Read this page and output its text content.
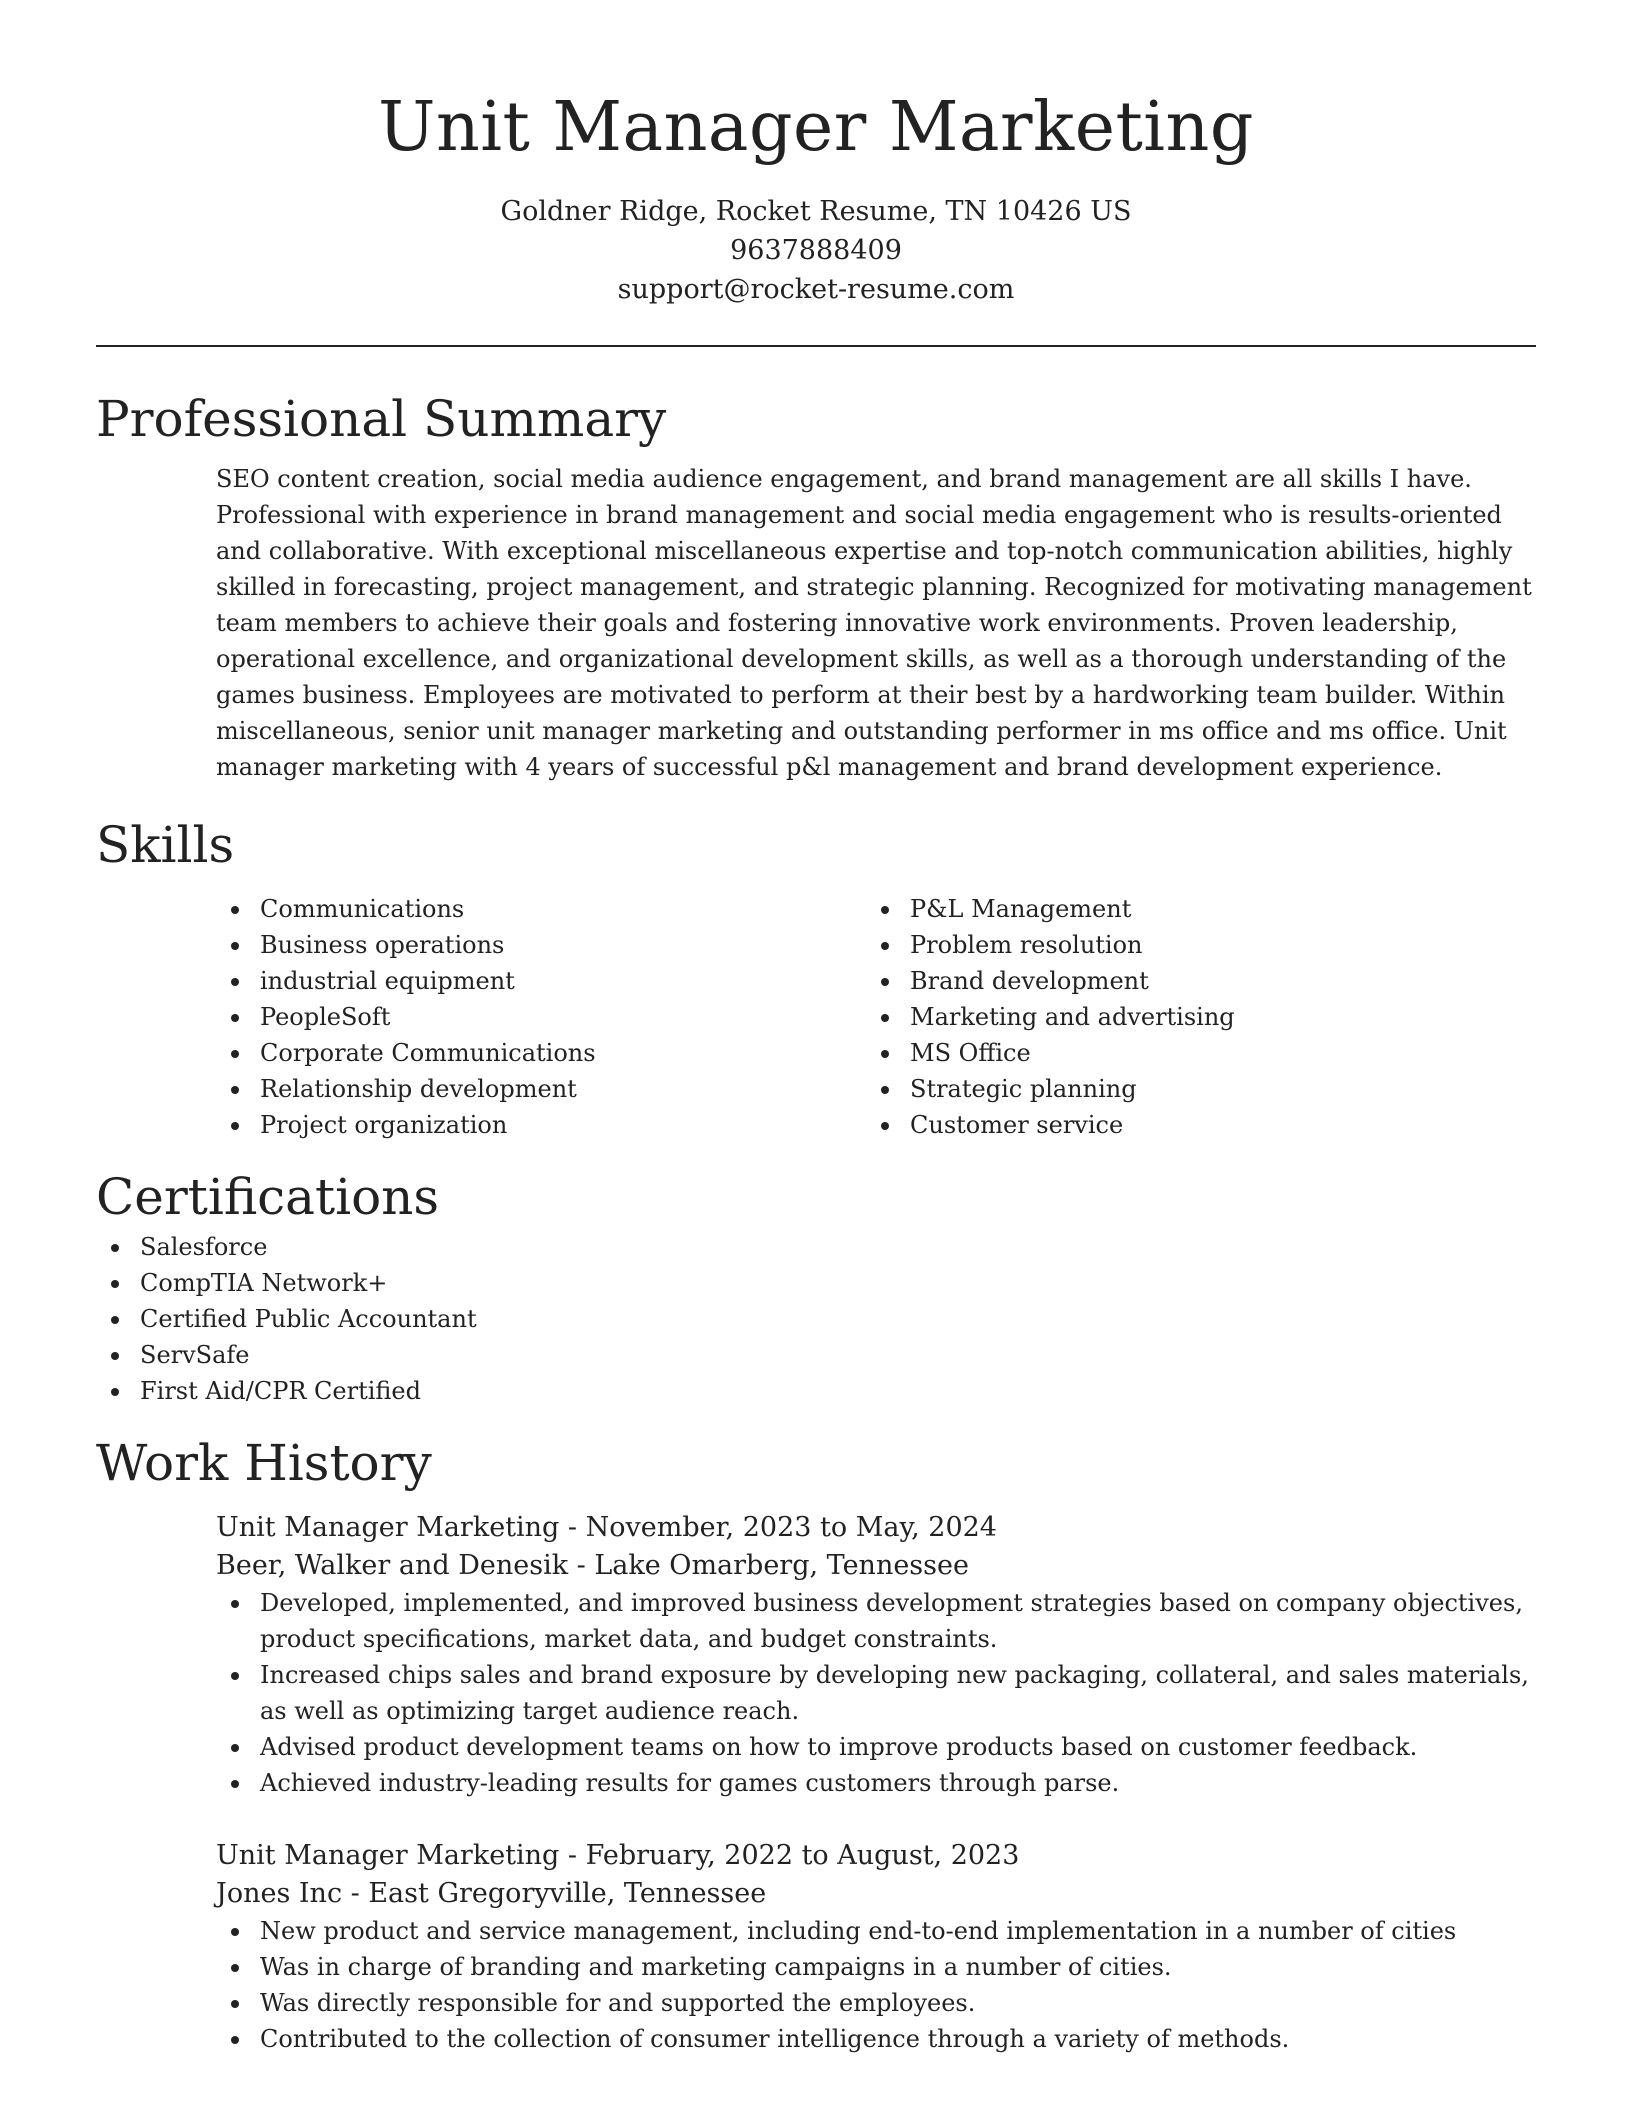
Unit Manager Marketing
Goldner Ridge, Rocket Resume, TN 10426 US
9637888409
support@rocket-resume.com
Professional Summary

SEO content creation, social media audience engagement, and brand management are all skills I have. Professional with experience in brand management and social media engagement who is results-oriented and collaborative. With exceptional miscellaneous expertise and top-notch communication abilities, highly skilled in forecasting, project management, and strategic planning. Recognized for motivating management team members to achieve their goals and fostering innovative work environments. Proven leadership, operational excellence, and organizational development skills, as well as a thorough understanding of the games business. Employees are motivated to perform at their best by a hardworking team builder. Within miscellaneous, senior unit manager marketing and outstanding performer in ms office and ms office. Unit manager marketing with 4 years of successful p&l management and brand development experience.

Skills
Communications
Business operations
industrial equipment
PeopleSoft
Corporate Communications
Relationship development
Project organization
P&L Management
Problem resolution
Brand development
Marketing and advertising
MS Office
Strategic planning
Customer service
Certifications
Salesforce
CompTIA Network+
Certified Public Accountant
ServSafe
First Aid/CPR Certified
Work History
Unit Manager Marketing - November, 2023 to May, 2024
Beer, Walker and Denesik - Lake Omarberg, Tennessee
Developed, implemented, and improved business development strategies based on company objectives, product specifications, market data, and budget constraints.
Increased chips sales and brand exposure by developing new packaging, collateral, and sales materials, as well as optimizing target audience reach.
Advised product development teams on how to improve products based on customer feedback.
Achieved industry-leading results for games customers through parse.
Unit Manager Marketing - February, 2022 to August, 2023
Jones Inc - East Gregoryville, Tennessee
New product and service management, including end-to-end implementation in a number of cities
Was in charge of branding and marketing campaigns in a number of cities.
Was directly responsible for and supported the employees.
Contributed to the collection of consumer intelligence through a variety of methods.
